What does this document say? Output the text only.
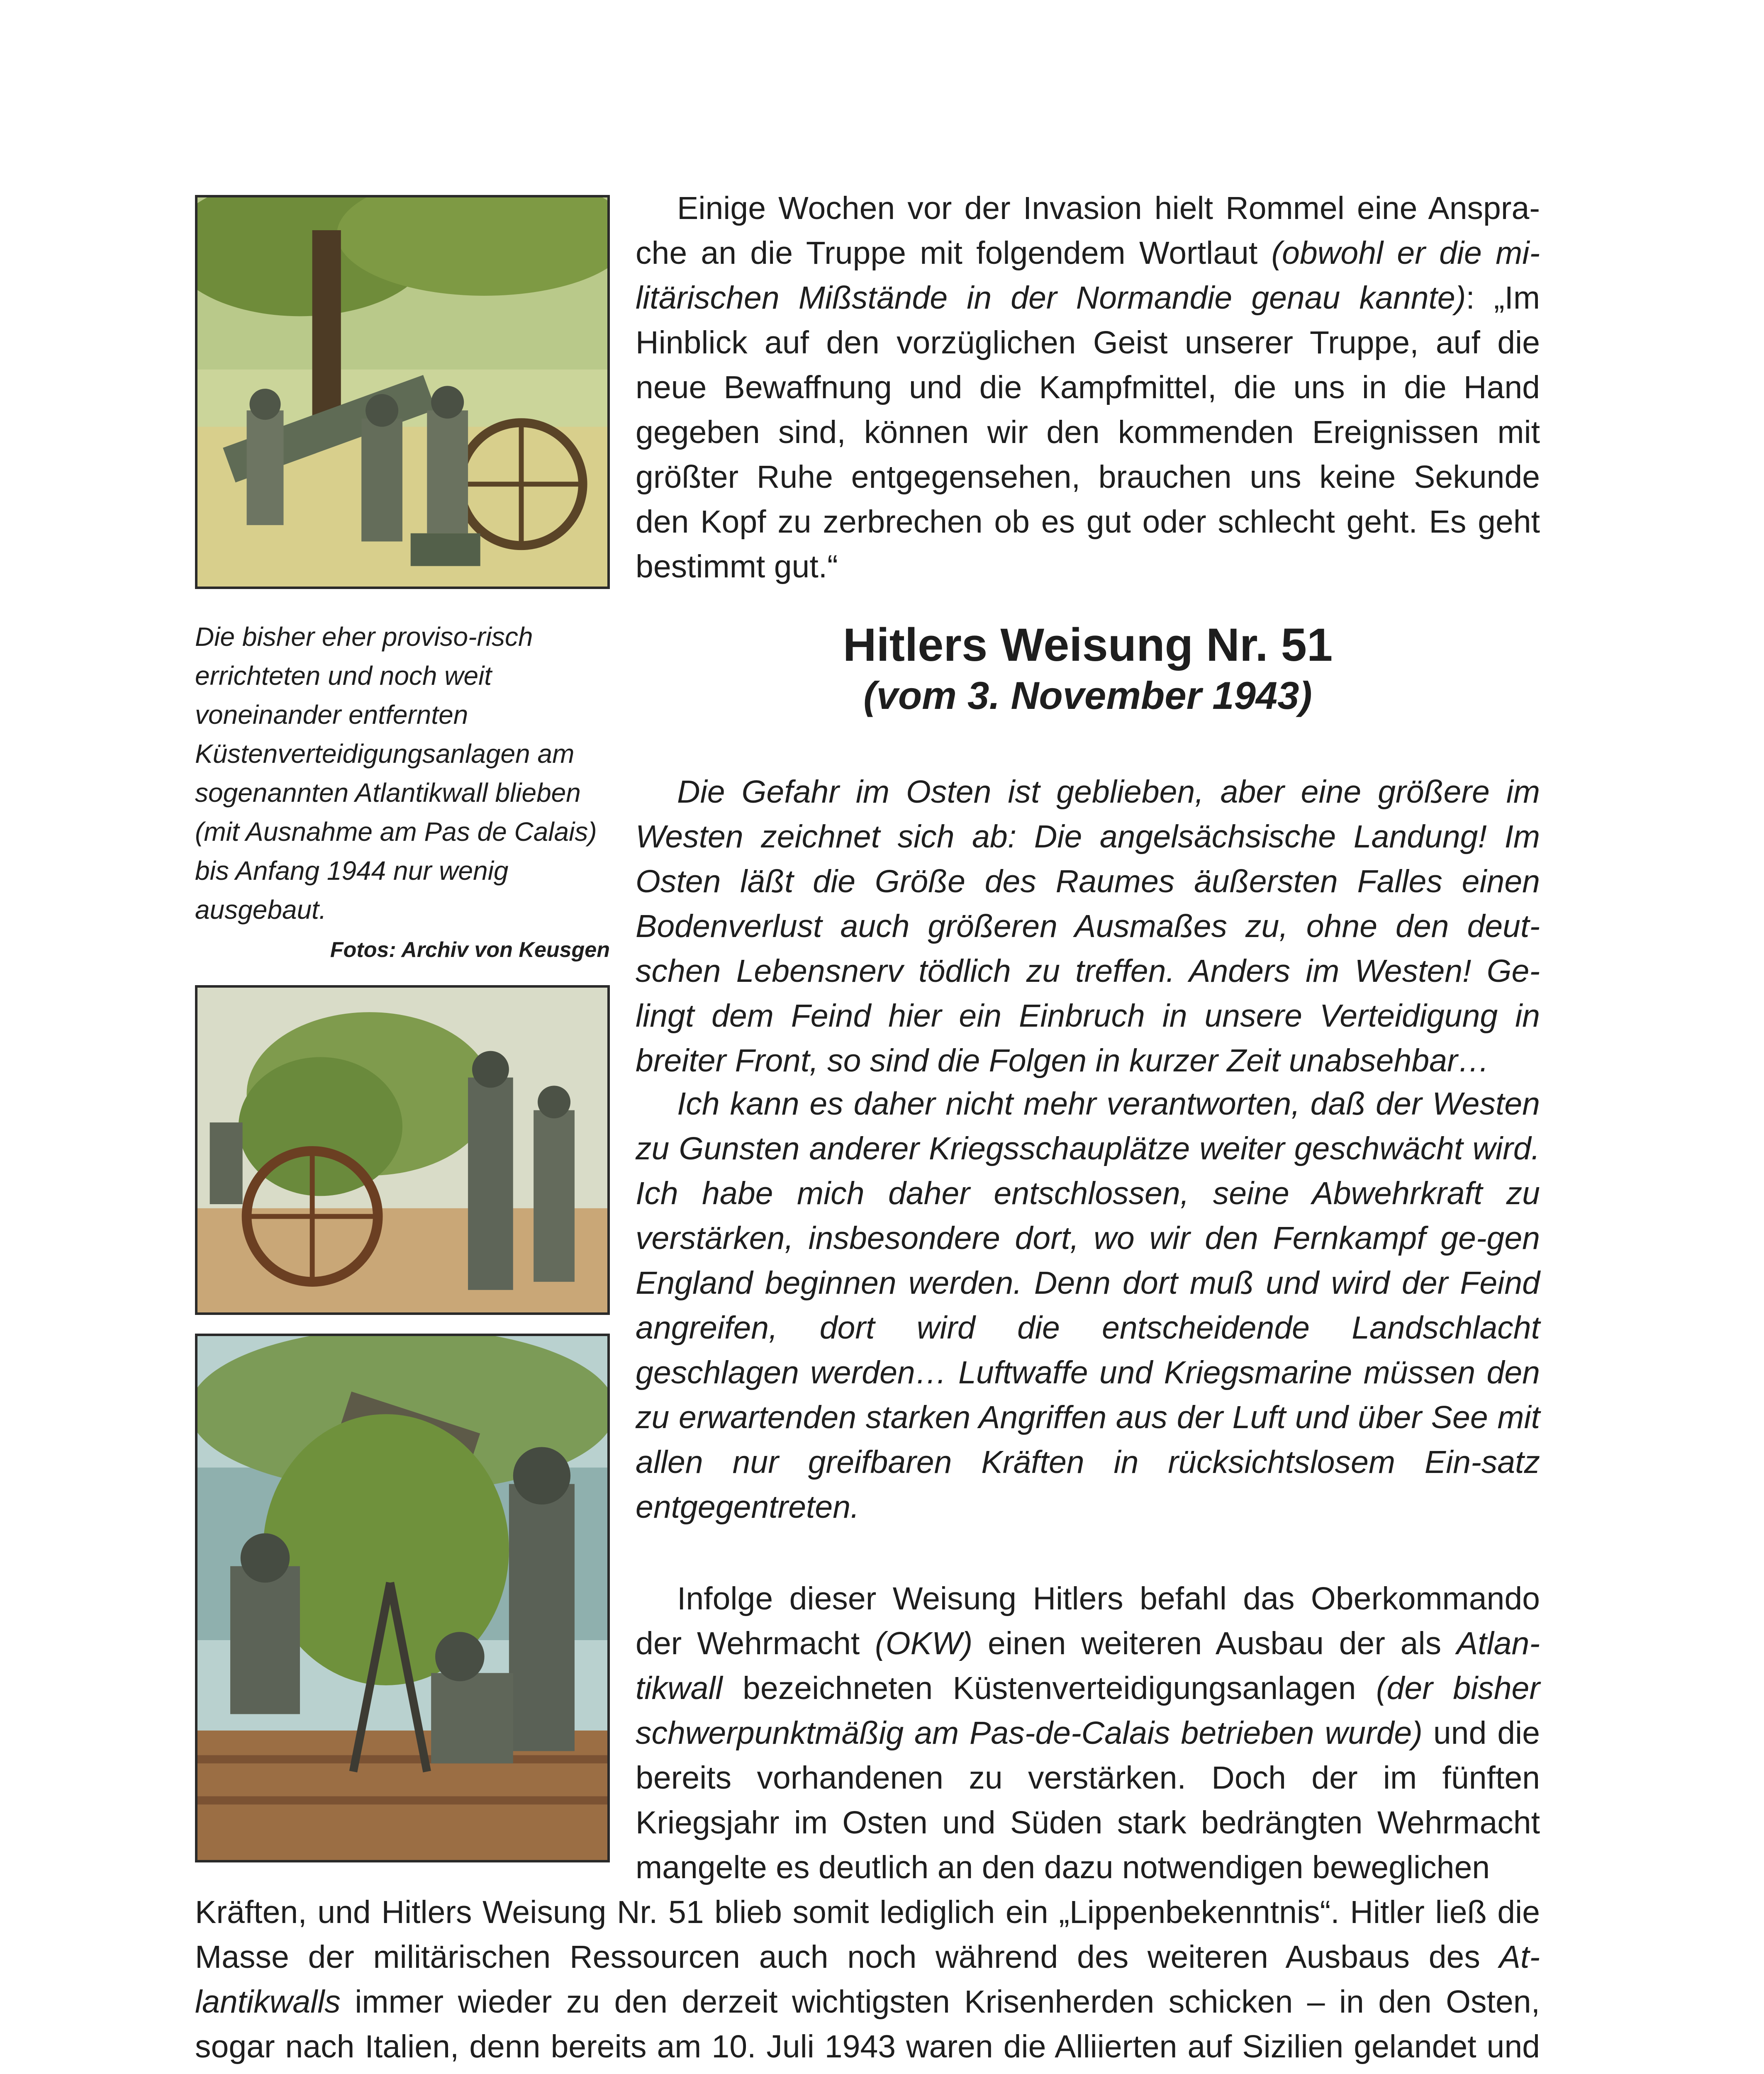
Die bisher eher proviso-risch errichteten und noch weit voneinander entfernten Küstenverteidigungsanlagen am sogenannten Atlantikwall blieben (mit Ausnahme am Pas de Calais) bis Anfang 1944 nur wenig ausgebaut.

Fotos: Archiv von Keusgen

Einige Wochen vor der Invasion hielt Rommel eine Anspra-che an die Truppe mit folgendem Wortlaut (obwohl er die mi-litärischen Mißstände in der Normandie genau kannte): „Im Hinblick auf den vorzüglichen Geist unserer Truppe, auf die neue Bewaffnung und die Kampfmittel, die uns in die Hand gegeben sind, können wir den kommenden Ereignissen mit größter Ruhe entgegensehen, brauchen uns keine Sekunde den Kopf zu zerbrechen ob es gut oder schlecht geht. Es geht bestimmt gut.“

Hitlers Weisung Nr. 51
(vom 3. November 1943)

Die Gefahr im Osten ist geblieben, aber eine größere im Westen zeichnet sich ab: Die angelsächsische Landung! Im Osten läßt die Größe des Raumes äußersten Falles einen Bodenverlust auch größeren Ausmaßes zu, ohne den deut-schen Lebensnerv tödlich zu treffen. Anders im Westen! Ge-lingt dem Feind hier ein Einbruch in unsere Verteidigung in breiter Front, so sind die Folgen in kurzer Zeit unabsehbar…

Ich kann es daher nicht mehr verantworten, daß der Westen zu Gunsten anderer Kriegsschauplätze weiter geschwächt wird. Ich habe mich daher entschlossen, seine Abwehrkraft zu verstärken, insbesondere dort, wo wir den Fernkampf ge-gen England beginnen werden. Denn dort muß und wird der Feind angreifen, dort wird die entscheidende Landschlacht geschlagen werden… Luftwaffe und Kriegsmarine müssen den zu erwartenden starken Angriffen aus der Luft und über See mit allen nur greifbaren Kräften in rücksichtslosem Ein-satz entgegentreten.

Infolge dieser Weisung Hitlers befahl das Oberkommando der Wehrmacht (OKW) einen weiteren Ausbau der als Atlan-tikwall bezeichneten Küstenverteidigungsanlagen (der bisher schwerpunktmäßig am Pas-de-Calais betrieben wurde) und die bereits vorhandenen zu verstärken. Doch der im fünften Kriegsjahr im Osten und Süden stark bedrängten Wehrmacht mangelte es deutlich an den dazu notwendigen beweglichen

Kräften, und Hitlers Weisung Nr. 51 blieb somit lediglich ein „Lippenbekenntnis“. Hitler ließ die Masse der militärischen Ressourcen auch noch während des weiteren Ausbaus des At-lantikwalls immer wieder zu den derzeit wichtigsten Krisenherden schicken – in den Osten, sogar nach Italien, denn bereits am 10. Juli 1943 waren die Alliierten auf Sizilien gelandet und
